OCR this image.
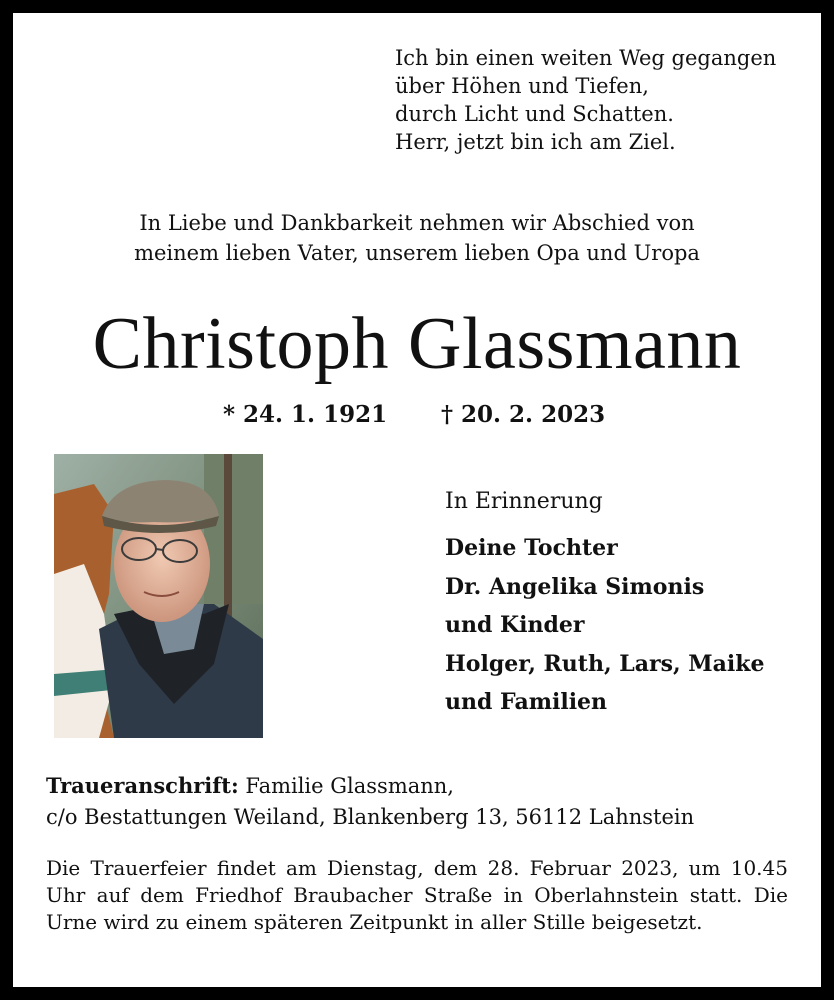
Ich bin einen weiten Weg gegangen
über Höhen und Tiefen,
durch Licht und Schatten.
Herr, jetzt bin ich am Ziel.
In Liebe und Dankbarkeit nehmen wir Abschied von
meinem lieben Vater, unserem lieben Opa und Uropa
Christoph Glassmann
* 24. 1. 1921 † 20. 2. 2023
In Erinnerung
Deine Tochter
Dr. Angelika Simonis
und Kinder
Holger, Ruth, Lars, Maike
und Familien
Traueranschrift: Familie Glassmann,
c/o Bestattungen Weiland, Blankenberg 13, 56112 Lahnstein
Die Trauerfeier findet am Dienstag, dem 28. Februar 2023, um 10.45 Uhr auf dem Friedhof Braubacher Straße in Oberlahnstein statt. Die Urne wird zu einem späteren Zeitpunkt in aller Stille beigesetzt.
